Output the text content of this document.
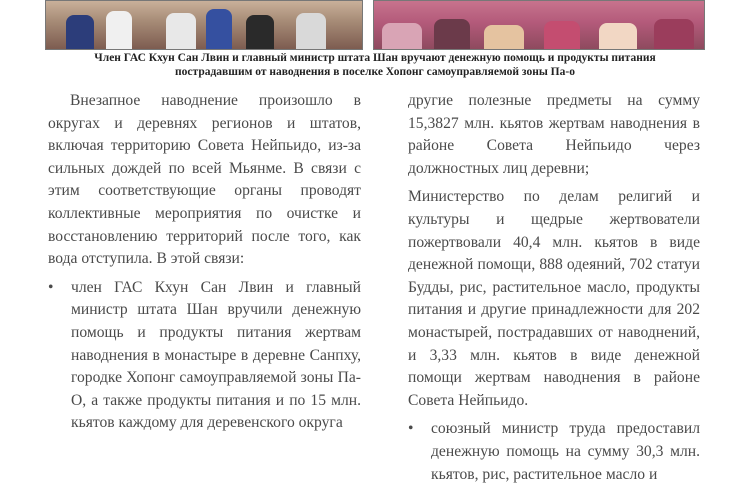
Член ГАС Кхун Сан Лвин и главный министр штата Шан вручают денежную помощь и продукты питания
пострадавшим от наводнения в поселке Хопонг самоуправляемой зоны Па-о

Внезапное наводнение произошло в округах и деревнях регионов и штатов, включая территорию Совета Нейпьидо, из-за сильных дождей по всей Мьянме. В связи с этим соответствующие органы проводят коллективные мероприятия по очистке и восстановлению территорий после того, как вода отступила. В этой связи:

• член ГАС Кхун Сан Лвин и главный министр штата Шан вручили денежную помощь и продукты питания жертвам наводнения в монастыре в деревне Санпху, городке Хопонг самоуправляемой зоны Па-О, а также продукты питания и по 15 млн. кьятов каждому для деревенского округа

другие полезные предметы на сумму 15,3827 млн. кьятов жертвам наводнения в районе Совета Нейпьидо через должностных лиц деревни;

Министерство по делам религий и культуры и щедрые жертвователи пожертвовали 40,4 млн. кьятов в виде денежной помощи, 888 одеяний, 702 статуи Будды, рис, растительное масло, продукты питания и другие принадлежности для 202 монастырей, пострадавших от наводнений, и 3,33 млн. кьятов в виде денежной помощи жертвам наводнения в районе Совета Нейпьидо.

• союзный министр труда предоставил денежную помощь на сумму 30,3 млн. кьятов, рис, растительное масло и
